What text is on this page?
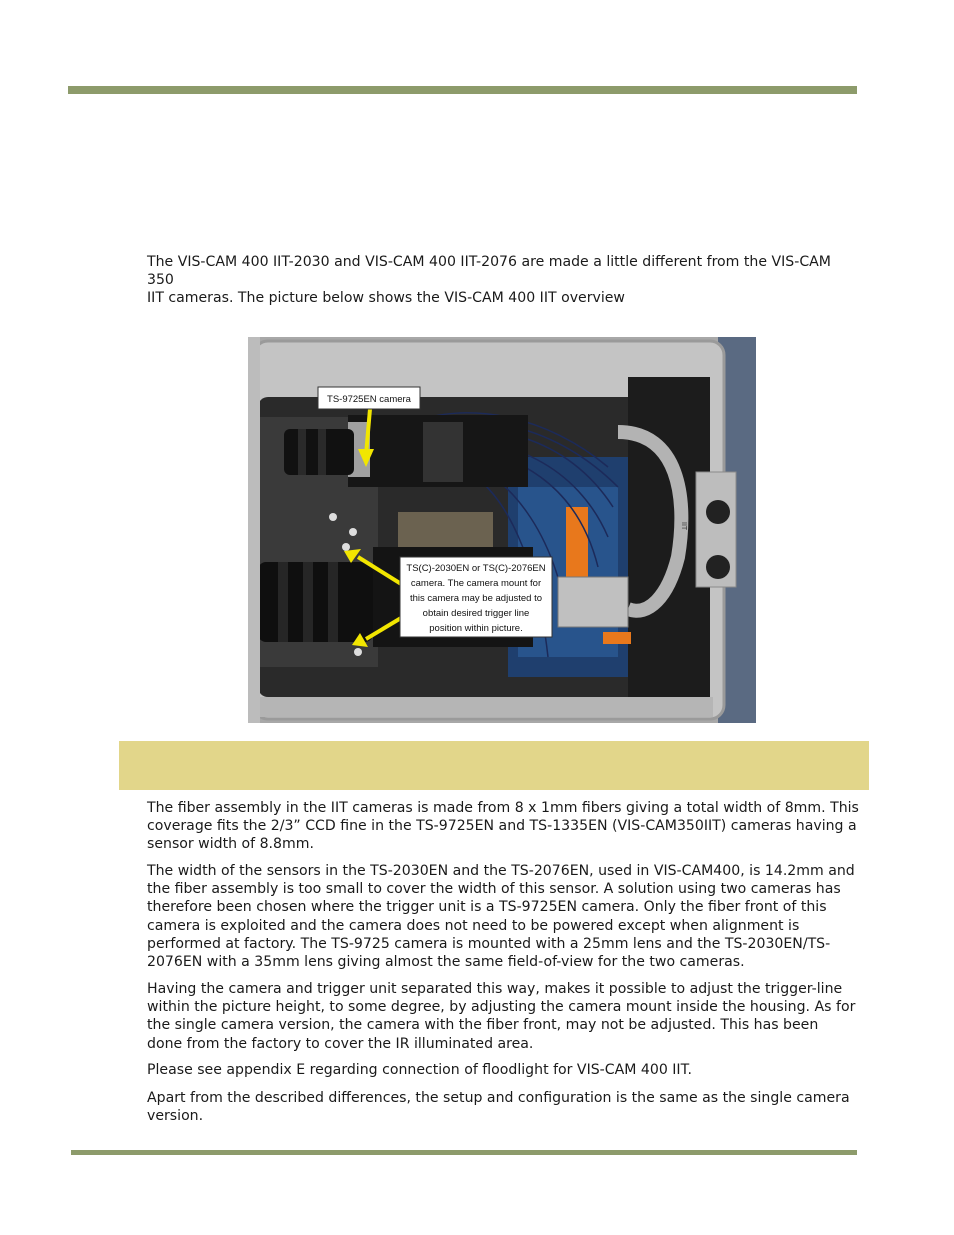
The VIS-CAM 400 IIT-2030 and VIS-CAM 400 IIT-2076 are made a little different from the VIS-CAM 350
IIT cameras. The picture below shows the VIS-CAM 400 IIT overview

TS-9725EN camera
TS(C)-2030EN or TS(C)-2076EN
camera. The camera mount for
this camera may be adjusted to
obtain desired trigger line
position within picture.
IIT

The fiber assembly in the IIT cameras is made from 8 x 1mm fibers giving a total width of 8mm. This
coverage fits the 2/3” CCD fine in the TS-9725EN and TS-1335EN (VIS-CAM350IIT) cameras having a
sensor width of 8.8mm.

The width of the sensors in the TS-2030EN and the TS-2076EN, used in VIS-CAM400, is 14.2mm and
the fiber assembly is too small to cover the width of this sensor. A solution using two cameras has
therefore been chosen where the trigger unit is a TS-9725EN camera. Only the fiber front of this
camera is exploited and the camera does not need to be powered except when alignment is
performed at factory. The TS-9725 camera is mounted with a 25mm lens and the TS-2030EN/TS-
2076EN with a 35mm lens giving almost the same field-of-view for the two cameras.

Having the camera and trigger unit separated this way, makes it possible to adjust the trigger-line
within the picture height, to some degree, by adjusting the camera mount inside the housing. As for
the single camera version, the camera with the fiber front, may not be adjusted. This has been
done from the factory to cover the IR illuminated area.

Please see appendix E regarding connection of floodlight for VIS-CAM 400 IIT.

Apart from the described differences, the setup and configuration is the same as the single camera
version.
